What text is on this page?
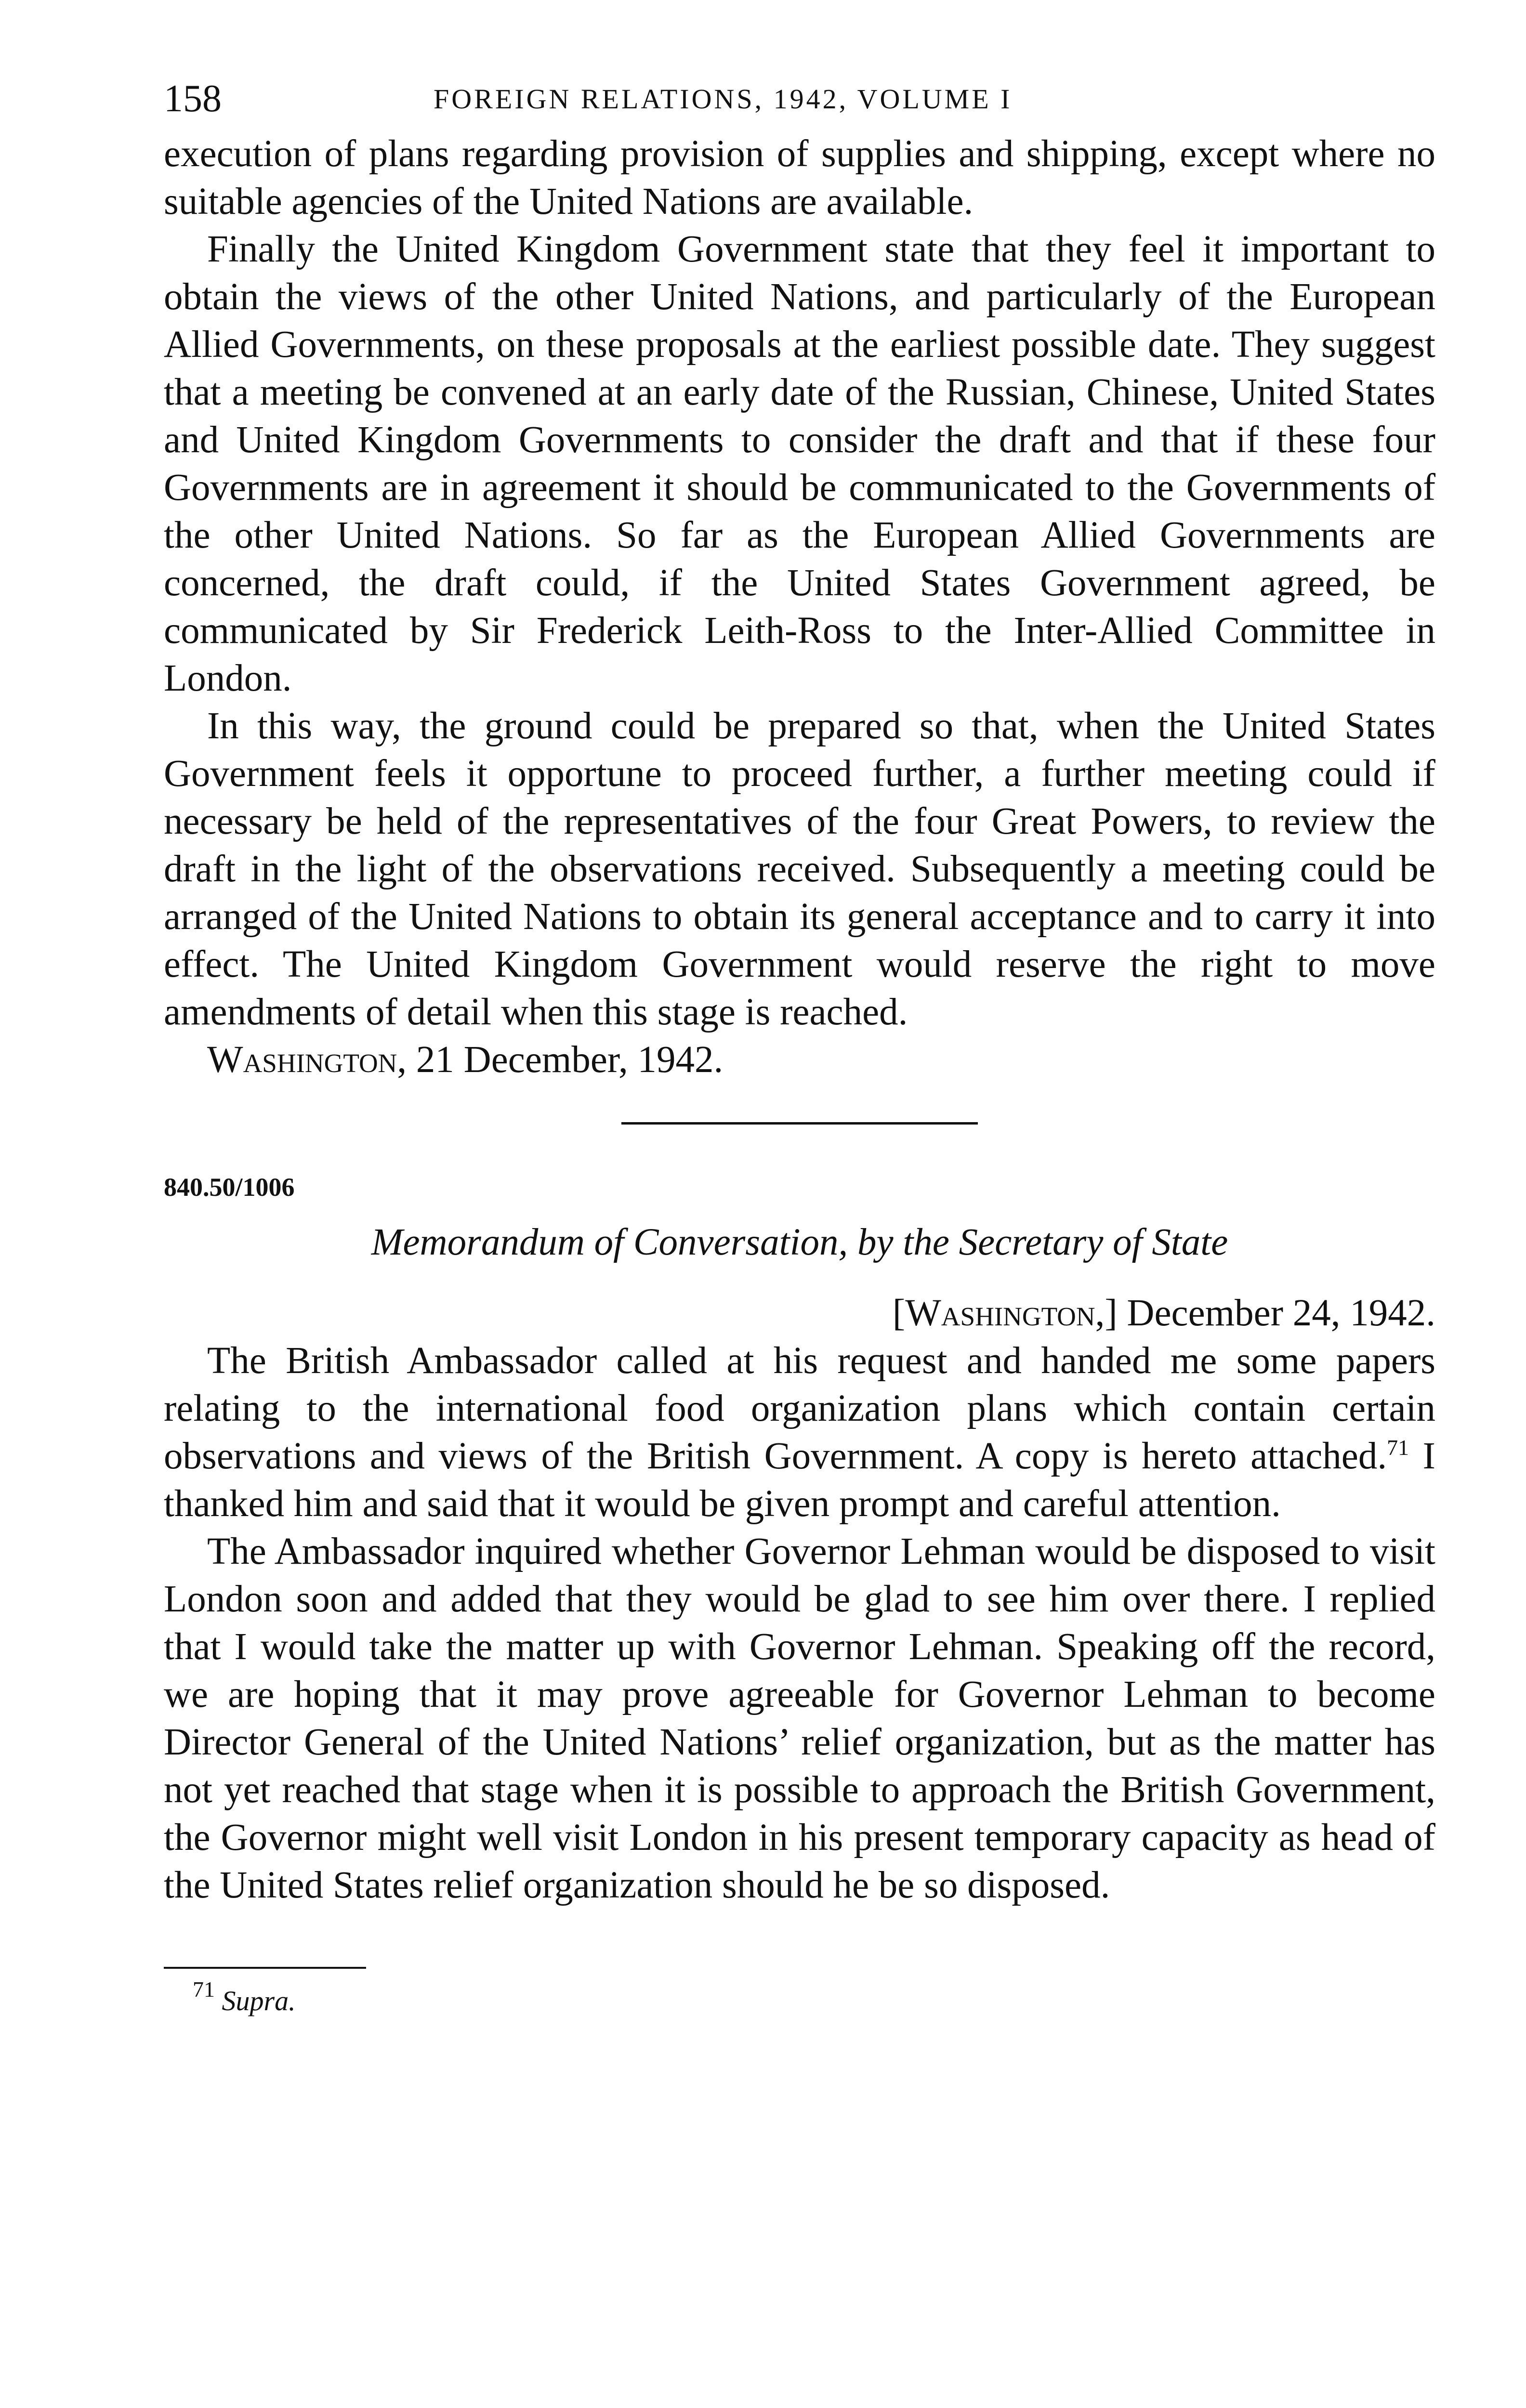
158	FOREIGN RELATIONS, 1942, VOLUME I

execution of plans regarding provision of supplies and shipping, except where no suitable agencies of the United Nations are available.

Finally the United Kingdom Government state that they feel it important to obtain the views of the other United Nations, and particularly of the European Allied Governments, on these proposals at the earliest possible date. They suggest that a meeting be convened at an early date of the Russian, Chinese, United States and United Kingdom Governments to consider the draft and that if these four Governments are in agreement it should be communicated to the Governments of the other United Nations. So far as the European Allied Governments are concerned, the draft could, if the United States Government agreed, be communicated by Sir Frederick Leith-Ross to the Inter-Allied Committee in London.

In this way, the ground could be prepared so that, when the United States Government feels it opportune to proceed further, a further meeting could if necessary be held of the representatives of the four Great Powers, to review the draft in the light of the observations received. Subsequently a meeting could be arranged of the United Nations to obtain its general acceptance and to carry it into effect. The United Kingdom Government would reserve the right to move amendments of detail when this stage is reached.

Washington, 21 December, 1942.

840.50/1006

Memorandum of Conversation, by the Secretary of State

[Washington,] December 24, 1942.

The British Ambassador called at his request and handed me some papers relating to the international food organization plans which contain certain observations and views of the British Government. A copy is hereto attached.$^{71}$ I thanked him and said that it would be given prompt and careful attention.

The Ambassador inquired whether Governor Lehman would be disposed to visit London soon and added that they would be glad to see him over there. I replied that I would take the matter up with Governor Lehman. Speaking off the record, we are hoping that it may prove agreeable for Governor Lehman to become Director General of the United Nations’ relief organization, but as the matter has not yet reached that stage when it is possible to approach the British Government, the Governor might well visit London in his present temporary capacity as head of the United States relief organization should he be so disposed.

$^{71}$ Supra.
